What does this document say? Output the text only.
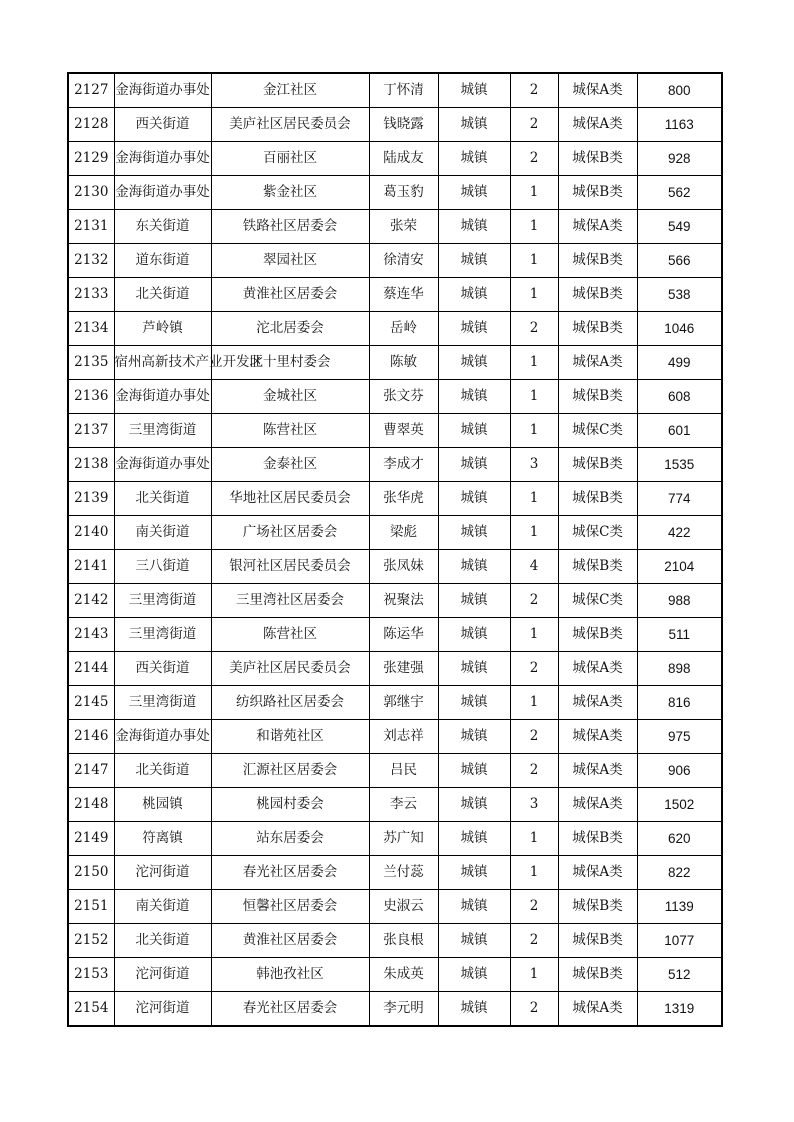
2127	金海街道办事处	金江社区	丁怀清	城镇	2	城保A类	800
2128	西关街道	美庐社区居民委员会	钱晓露	城镇	2	城保A类	1163
2129	金海街道办事处	百丽社区	陆成友	城镇	2	城保B类	928
2130	金海街道办事处	紫金社区	葛玉豹	城镇	1	城保B类	562
2131	东关街道	铁路社区居委会	张荣	城镇	1	城保A类	549
2132	道东街道	翠园社区	徐清安	城镇	1	城保B类	566
2133	北关街道	黄淮社区居委会	蔡连华	城镇	1	城保B类	538
2134	芦岭镇	沱北居委会	岳岭	城镇	2	城保B类	1046
2135	宿州高新技术产业开发区	北十里村委会	陈敏	城镇	1	城保A类	499
2136	金海街道办事处	金城社区	张文芬	城镇	1	城保B类	608
2137	三里湾街道	陈营社区	曹翠英	城镇	1	城保C类	601
2138	金海街道办事处	金泰社区	李成才	城镇	3	城保B类	1535
2139	北关街道	华地社区居民委员会	张华虎	城镇	1	城保B类	774
2140	南关街道	广场社区居委会	梁彪	城镇	1	城保C类	422
2141	三八街道	银河社区居民委员会	张凤妹	城镇	4	城保B类	2104
2142	三里湾街道	三里湾社区居委会	祝聚法	城镇	2	城保C类	988
2143	三里湾街道	陈营社区	陈运华	城镇	1	城保B类	511
2144	西关街道	美庐社区居民委员会	张建强	城镇	2	城保A类	898
2145	三里湾街道	纺织路社区居委会	郭继宇	城镇	1	城保A类	816
2146	金海街道办事处	和谐苑社区	刘志祥	城镇	2	城保A类	975
2147	北关街道	汇源社区居委会	吕民	城镇	2	城保A类	906
2148	桃园镇	桃园村委会	李云	城镇	3	城保A类	1502
2149	符离镇	站东居委会	苏广知	城镇	1	城保B类	620
2150	沱河街道	春光社区居委会	兰付蕊	城镇	1	城保A类	822
2151	南关街道	恒馨社区居委会	史淑云	城镇	2	城保B类	1139
2152	北关街道	黄淮社区居委会	张良根	城镇	2	城保B类	1077
2153	沱河街道	韩池孜社区	朱成英	城镇	1	城保B类	512
2154	沱河街道	春光社区居委会	李元明	城镇	2	城保A类	1319
